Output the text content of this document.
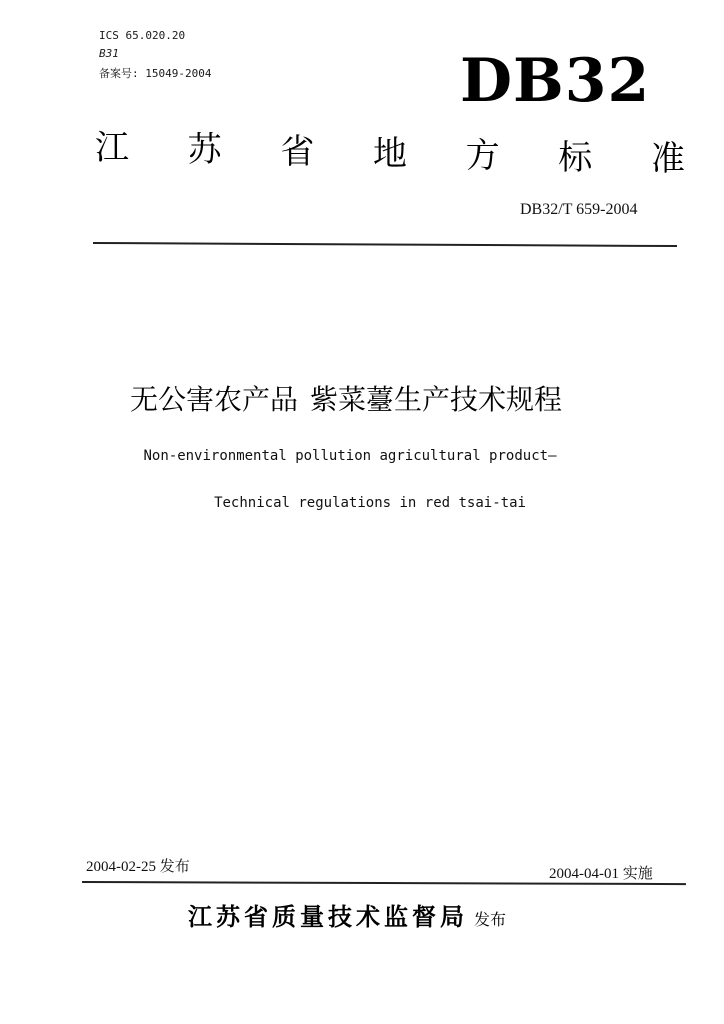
ICS 65.020.20
B31
备案号: 15049-2004	DB32
江 苏 省 地 方 标 准
DB32/T 659-2004
无公害农产品 紫菜薹生产技术规程
Non-environmental pollution agricultural product—
Technical regulations in red tsai-tai
2004-02-25 发布	2004-04-01 实施
江苏省质量技术监督局 发布
